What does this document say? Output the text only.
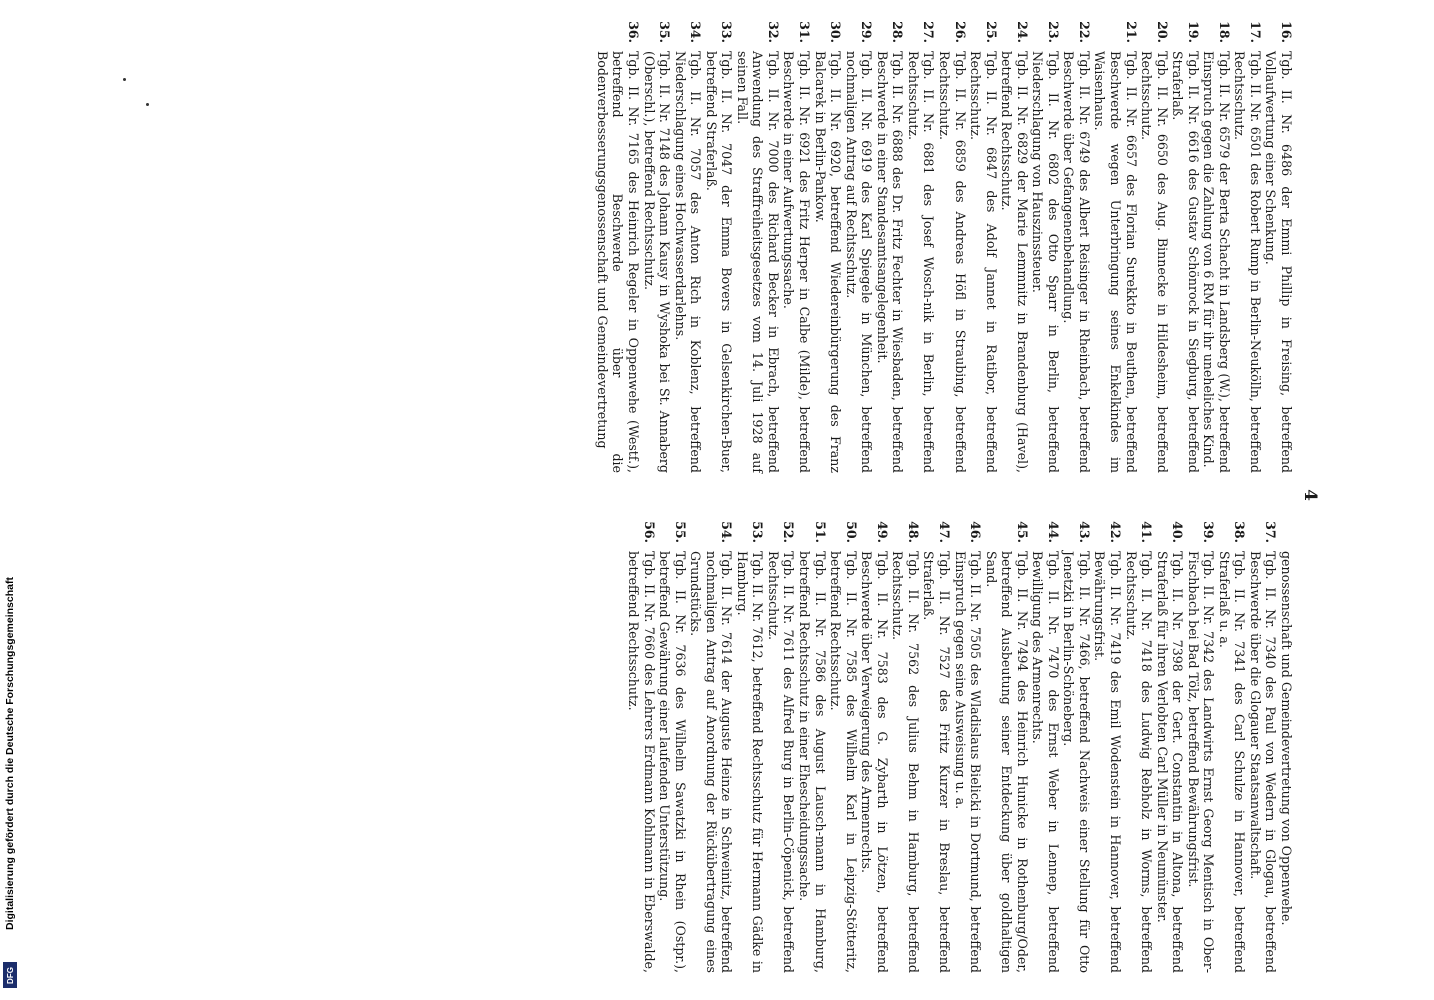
4
16.
Tgb. II. Nr. 6486 der Emmi Phillip in Freising, betreffend Vollaufwertung einer Schenkung.
17.
Tgb. II. Nr. 6501 des Robert Rump in Berlin-Neukölln, betreffend Rechtsschutz.
18.
Tgb. II. Nr. 6579 der Berta Schacht in Landsberg (W.), betreffend Einspruch gegen die Zahlung von 6 RM für ihr uneheliches Kind.
19.
Tgb. II. Nr. 6616 des Gustav Schönrock in Siegburg, betreffend Straferlaß.
20.
Tgb. II. Nr. 6650 des Aug. Binnecke in Hildesheim, betreffend Rechtsschutz.
21.
Tgb. II. Nr. 6657 des Florian Surekkto in Beuthen, betreffend Beschwerde wegen Unterbringung seines Enkelkindes im Waisenhaus.
22.
Tgb. II. Nr. 6749 des Albert Reisinger in Rheinbach, betreffend Beschwerde über Gefangenenbehandlung.
23.
Tgb. II. Nr. 6802 des Otto Sparr in Berlin, betreffend Niederschlagung von Hauszinssteuer.
24.
Tgb. II. Nr. 6829 der Marie Lemmnitz in Brandenburg (Havel), betreffend Rechtsschutz.
25.
Tgb. II. Nr. 6847 des Adolf Jannet in Ratibor, betreffend Rechtsschutz.
26.
Tgb. II. Nr. 6859 des Andreas Höfl in Straubing, betreffend Rechtsschutz.
27.
Tgb. II. Nr. 6881 des Josef Wosch-nik in Berlin, betreffend Rechtsschutz.
28.
Tgb. II. Nr. 6888 des Dr. Fritz Fechter in Wiesbaden, betreffend Beschwerde in einer Standesamtsangelegenheit.
29.
Tgb. II. Nr. 6919 des Karl Spiegele in München, betreffend nochmaligen Antrag auf Rechtsschutz.
30.
Tgb. II. Nr. 6920, betreffend Wiedereinbürgerung des Franz Balcarek in Berlin-Pankow.
31.
Tgb. II. Nr. 6921 des Fritz Herper in Calbe (Milde), betreffend Beschwerde in einer Aufwertungssache.
32.
Tgb. II. Nr. 7000 des Richard Becker in Ebrach, betreffend Anwendung des Straffreiheitsgesetzes vom 14. Juli 1928 auf seinen Fall.
33.
Tgb. II. Nr. 7047 der Emma Bovers in Gelsenkirchen-Buer, betreffend Straferlaß.
34.
Tgb. II. Nr. 7057 des Anton Rich in Koblenz, betreffend Niederschlagung eines Hochwasserdarlehns.
35.
Tgb. II. Nr. 7148 des Johann Kausy in Wyshoka bei St. Annaberg (Oberschl.), betreffend Rechtsschutz.
36.
Tgb. II. Nr. 7165 des Heinrich Regeler in Oppenwehe (Westf.), betreffend Beschwerde über die Bodenverbesserungsgenossenschaft und Gemeindevertretung
genossenschaft und Gemeindevertretung von Oppenwehe.
37.
Tgb. II. Nr. 7340 des Paul von Wedern in Glogau, betreffend Beschwerde über die Glogauer Staatsanwaltschaft.
38.
Tgb. II. Nr. 7341 des Carl Schulze in Hannover, betreffend Straferlaß u. a.
39.
Tgb. II. Nr. 7342 des Landwirts Ernst Georg Mentisch in Ober-Fischbach bei Bad Tölz, betreffend Bewährungsfrist.
40.
Tgb. II. Nr. 7398 der Gert. Constantin in Altona, betreffend Straferlaß für ihren Verlobten Carl Müller in Neumünster.
41.
Tgb. II. Nr. 7418 des Ludwig Rebholz in Worms, betreffend Rechtsschutz.
42.
Tgb. II. Nr. 7419 des Emil Wodenstein in Hannover, betreffend Bewährungsfrist.
43.
Tgb. II. Nr. 7466, betreffend Nachweis einer Stellung für Otto Jenetzki in Berlin-Schöneberg.
44.
Tgb. II. Nr. 7470 des Ernst Weber in Lennep, betreffend Bewilligung des Armenrechts.
45.
Tgb. II. Nr. 7494 des Heinrich Hunicke in Rothenburg/Oder, betreffend Ausbeutung seiner Entdeckung über goldhaltigen Sand.
46.
Tgb. II. Nr. 7505 des Wladislaus Bielicki in Dortmund, betreffend Einspruch gegen seine Ausweisung u. a.
47.
Tgb. II. Nr. 7527 des Fritz Kurzer in Breslau, betreffend Straferlaß.
48.
Tgb. II. Nr. 7562 des Julius Behm in Hamburg, betreffend Rechtsschutz.
49.
Tgb. II. Nr. 7583 des G. Zybarth in Lötzen, betreffend Beschwerde über Verweigerung des Armenrechts.
50.
Tgb. II. Nr. 7585 des Wilhelm Karl in Leipzig-Stötteritz, betreffend Rechtsschutz.
51.
Tgb. II. Nr. 7586 des August Lausch-mann in Hamburg, betreffend Rechtsschutz in einer Ehescheidungssache.
52.
Tgb. II. Nr. 7611 des Alfred Burg in Berlin-Cöpenick, betreffend Rechtsschutz.
53.
Tgb. II. Nr. 7612, betreffend Rechtsschutz für Hermann Gädke in Hamburg.
54.
Tgb. II. Nr. 7614 der Auguste Heinze in Schweinitz, betreffend nochmaligen Antrag auf Anordnung der Rückübertragung eines Grundstücks.
55.
Tgb. II. Nr. 7636 des Wilhelm Sawatzki in Rhein (Ostpr.), betreffend Gewährung einer laufenden Unterstützung.
56.
Tgb. II. Nr. 7660 des Lehrers Erdmann Kohlmann in Eberswalde, betreffend Rechtsschutz.
Digitalisierung gefördert durch die Deutsche Forschungsgemeinschaft
DFG
